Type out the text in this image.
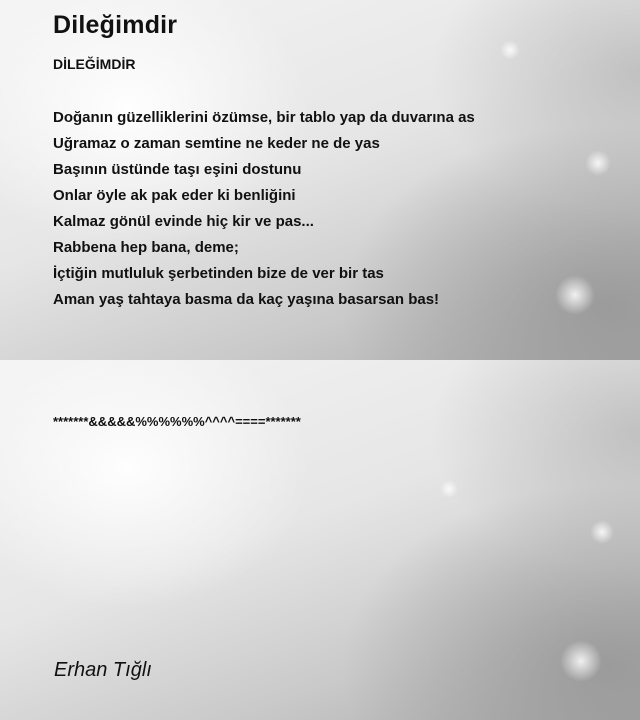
Dileğimdir
DİLEĞİMDİR
Doğanın güzelliklerini özümse, bir tablo yap da duvarına as
Uğramaz o zaman semtine ne keder ne de yas
Başının üstünde taşı eşini dostunu
Onlar öyle ak pak eder ki benliğini
Kalmaz gönül evinde hiç kir ve pas...
Rabbena hep bana, deme;
İçtiğin mutluluk şerbetinden bize de ver bir tas
Aman yaş tahtaya basma da kaç yaşına basarsan bas!
*******&&&&&%%%%%%^^^^====*******
Erhan Tığlı
